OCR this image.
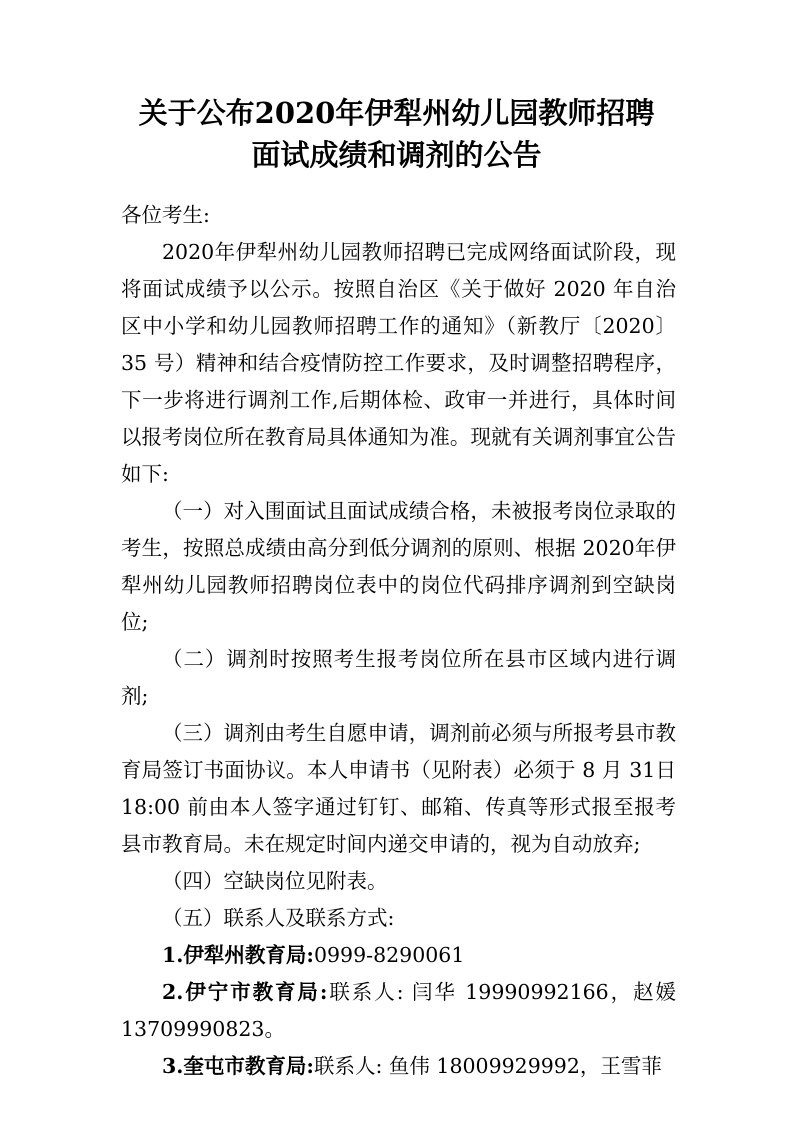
关于公布2020年伊犁州幼儿园教师招聘
面试成绩和调剂的公告

各位考生:

2020年伊犁州幼儿园教师招聘已完成网络面试阶段，现将面试成绩予以公示。按照自治区《关于做好 2020 年自治区中小学和幼儿园教师招聘工作的通知》（新教厅〔2020〕35 号）精神和结合疫情防控工作要求，及时调整招聘程序，下一步将进行调剂工作,后期体检、政审一并进行，具体时间以报考岗位所在教育局具体通知为准。现就有关调剂事宜公告如下:

（一）对入围面试且面试成绩合格，未被报考岗位录取的考生，按照总成绩由高分到低分调剂的原则、根据 2020年伊犁州幼儿园教师招聘岗位表中的岗位代码排序调剂到空缺岗位;

（二）调剂时按照考生报考岗位所在县市区域内进行调剂;

（三）调剂由考生自愿申请，调剂前必须与所报考县市教育局签订书面协议。本人申请书（见附表）必须于 8 月 31日 18:00 前由本人签字通过钉钉、邮箱、传真等形式报至报考县市教育局。未在规定时间内递交申请的，视为自动放弃;

（四）空缺岗位见附表。

（五）联系人及联系方式:

1.伊犁州教育局:0999-8290061

2.伊宁市教育局:联系人: 闫华 19990992166，赵媛13709990823。

3.奎屯市教育局:联系人: 鱼伟 18009929992，王雪菲
